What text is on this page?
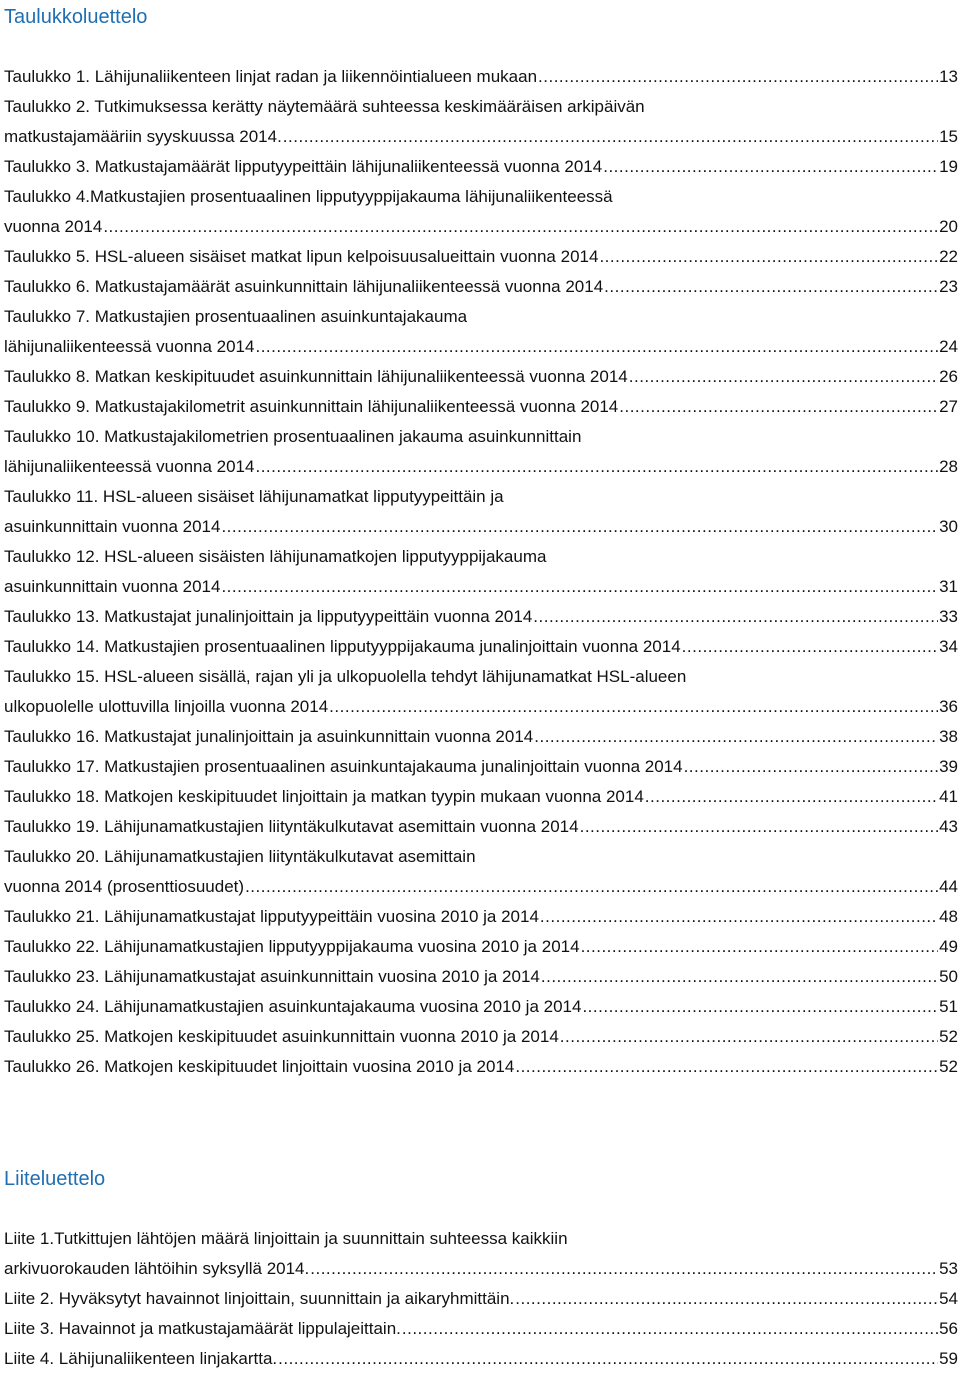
Taulukkoluettelo
Taulukko 1. Lähijunaliikenteen linjat radan ja liikennöintialueen mukaan .....	13
Taulukko 2. Tutkimuksessa kerätty näytemäärä suhteessa keskimääräisen arkipäivän
matkustajamääriin syyskuussa 2014. .....	15
Taulukko 3. Matkustajamäärät lipputyypeittäin lähijunaliikenteessä vuonna 2014 .....	19
Taulukko 4.Matkustajien prosentuaalinen lipputyyppijakauma lähijunaliikenteessä
vuonna 2014 .....	20
Taulukko 5. HSL-alueen sisäiset matkat lipun kelpoisuusalueittain vuonna 2014 .....	22
Taulukko 6. Matkustajamäärät asuinkunnittain lähijunaliikenteessä vuonna 2014 .....	23
Taulukko 7. Matkustajien prosentuaalinen asuinkuntajakauma
lähijunaliikenteessä vuonna 2014 .....	24
Taulukko 8. Matkan keskipituudet asuinkunnittain lähijunaliikenteessä vuonna 2014 .....	26
Taulukko 9. Matkustajakilometrit asuinkunnittain lähijunaliikenteessä vuonna 2014 .....	27
Taulukko 10. Matkustajakilometrien prosentuaalinen jakauma asuinkunnittain
lähijunaliikenteessä vuonna 2014 .....	28
Taulukko 11. HSL-alueen sisäiset lähijunamatkat lipputyypeittäin ja
asuinkunnittain vuonna 2014 .....	30
Taulukko 12. HSL-alueen sisäisten lähijunamatkojen lipputyyppijakauma
asuinkunnittain vuonna 2014 .....	31
Taulukko 13. Matkustajat junalinjoittain ja lipputyypeittäin vuonna 2014 .....	33
Taulukko 14. Matkustajien prosentuaalinen lipputyyppijakauma junalinjoittain vuonna 2014 .....	34
Taulukko 15. HSL-alueen sisällä, rajan yli ja ulkopuolella tehdyt lähijunamatkat HSL-alueen
ulkopuolelle ulottuvilla linjoilla vuonna 2014 .....	36
Taulukko 16. Matkustajat junalinjoittain ja asuinkunnittain vuonna 2014 .....	38
Taulukko 17. Matkustajien prosentuaalinen asuinkuntajakauma junalinjoittain vuonna 2014 .....	39
Taulukko 18. Matkojen keskipituudet linjoittain ja matkan tyypin mukaan vuonna 2014 .....	41
Taulukko 19. Lähijunamatkustajien liityntäkulkutavat asemittain vuonna 2014 .....	43
Taulukko 20. Lähijunamatkustajien liityntäkulkutavat asemittain
vuonna 2014 (prosenttiosuudet) .....	44
Taulukko 21. Lähijunamatkustajat lipputyypeittäin vuosina 2010 ja 2014 .....	48
Taulukko 22. Lähijunamatkustajien lipputyyppijakauma vuosina 2010 ja 2014 .....	49
Taulukko 23. Lähijunamatkustajat asuinkunnittain vuosina 2010 ja 2014 .....	50
Taulukko 24. Lähijunamatkustajien asuinkuntajakauma vuosina 2010 ja 2014 .....	51
Taulukko 25. Matkojen keskipituudet asuinkunnittain vuonna 2010 ja 2014 .....	52
Taulukko 26. Matkojen keskipituudet linjoittain vuosina 2010 ja 2014 .....	52
Liiteluettelo
Liite 1.Tutkittujen lähtöjen määrä linjoittain ja suunnittain suhteessa kaikkiin
arkivuorokauden lähtöihin syksyllä 2014. .....	53
Liite 2. Hyväksytyt havainnot linjoittain, suunnittain ja aikaryhmittäin. .....	54
Liite 3. Havainnot ja matkustajamäärät lippulajeittain. .....	56
Liite 4. Lähijunaliikenteen linjakartta. .....	59
